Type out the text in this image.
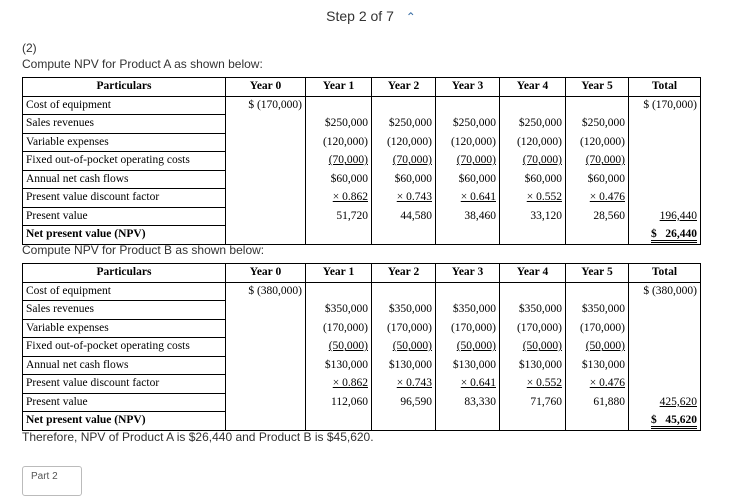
Step 2 of 7 ⌃
(2)
Compute NPV for Product A as shown below:
Particulars	Year 0	Year 1	Year 2	Year 3	Year 4	Year 5	Total
Cost of equipment	$ (170,000)						$ (170,000)
Sales revenues		$250,000	$250,000	$250,000	$250,000	$250,000	
Variable expenses		(120,000)	(120,000)	(120,000)	(120,000)	(120,000)	
Fixed out-of-pocket operating costs		(70,000)	(70,000)	(70,000)	(70,000)	(70,000)	
Annual net cash flows		$60,000	$60,000	$60,000	$60,000	$60,000	
Present value discount factor		× 0.862	× 0.743	× 0.641	× 0.552	× 0.476	
Present value		51,720	44,580	38,460	33,120	28,560	196,440
Net present value (NPV)							$   26,440
Compute NPV for Product B as shown below:
Particulars	Year 0	Year 1	Year 2	Year 3	Year 4	Year 5	Total
Cost of equipment	$ (380,000)						$ (380,000)
Sales revenues		$350,000	$350,000	$350,000	$350,000	$350,000	
Variable expenses		(170,000)	(170,000)	(170,000)	(170,000)	(170,000)	
Fixed out-of-pocket operating costs		(50,000)	(50,000)	(50,000)	(50,000)	(50,000)	
Annual net cash flows		$130,000	$130,000	$130,000	$130,000	$130,000	
Present value discount factor		× 0.862	× 0.743	× 0.641	× 0.552	× 0.476	
Present value		112,060	96,590	83,330	71,760	61,880	425,620
Net present value (NPV)							$   45,620
Therefore, NPV of Product A is $26,440 and Product B is $45,620.
Part 2
